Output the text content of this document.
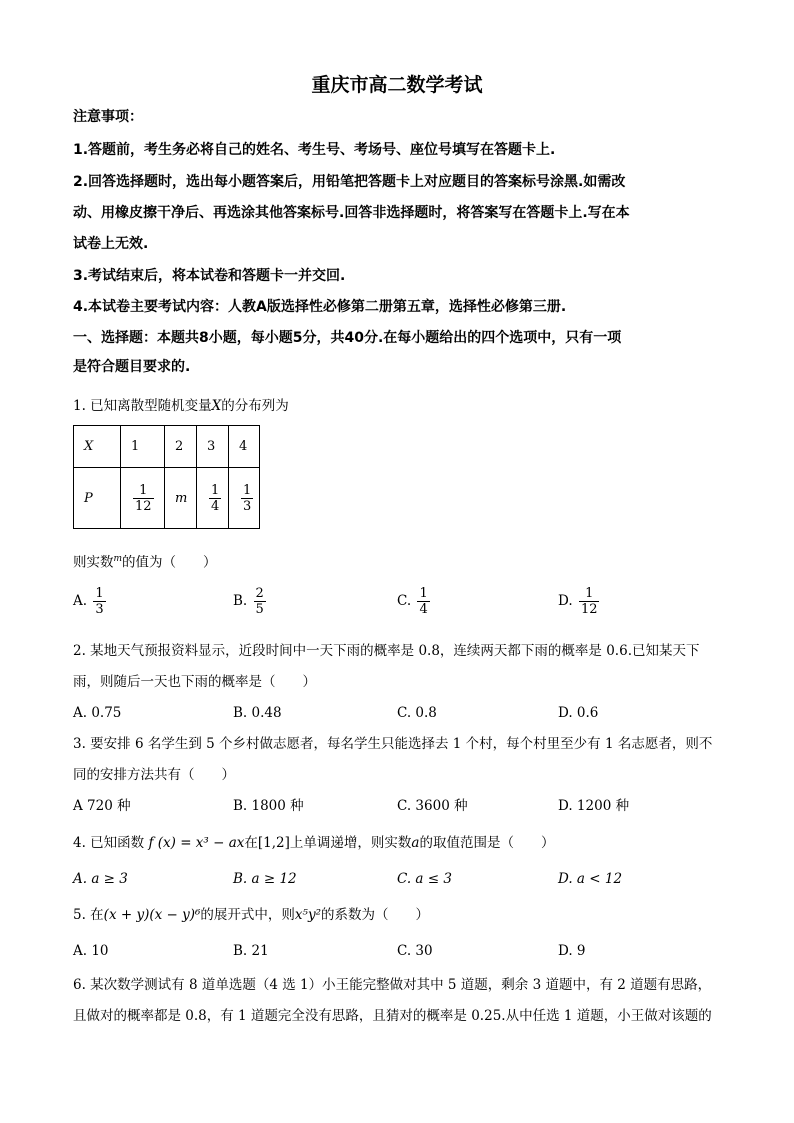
重庆市高二数学考试
注意事项：
1.答题前，考生务必将自己的姓名、考生号、考场号、座位号填写在答题卡上.
2.回答选择题时，选出每小题答案后，用铅笔把答题卡上对应题目的答案标号涂黑.如需改
动、用橡皮擦干净后、再选涂其他答案标号.回答非选择题时，将答案写在答题卡上.写在本
试卷上无效.
3.考试结束后，将本试卷和答题卡一并交回.
4.本试卷主要考试内容：人教A版选择性必修第二册第五章，选择性必修第三册.
一、选择题：本题共8小题，每小题5分，共40分.在每小题给出的四个选项中，只有一项
是符合题目要求的.
1. 已知离散型随机变量X的分布列为
X	1	2	3	4
P	$\frac{1}{12}$	m	$\frac{1}{4}$	$\frac{1}{3}$
则实数$^m$的值为（　　）
A. $\frac{1}{3}$	B. $\frac{2}{5}$	C. $\frac{1}{4}$	D. $\frac{1}{12}$
2. 某地天气预报资料显示，近段时间中一天下雨的概率是 0.8，连续两天都下雨的概率是 0.6.已知某天下
雨，则随后一天也下雨的概率是（　　）
A. 0.75	B. 0.48	C. 0.8	D. 0.6
3. 要安排 6 名学生到 5 个乡村做志愿者，每名学生只能选择去 1 个村，每个村里至少有 1 名志愿者，则不
同的安排方法共有（　　）
A 720 种	B. 1800 种	C. 3600 种	D. 1200 种
4. 已知函数 f (x) = x³ − ax在[1,2]上单调递增，则实数a的取值范围是（　　）
A. a ≥ 3	B. a ≥ 12	C. a ≤ 3	D. a < 12
5. 在(x + y)(x − y)⁶的展开式中，则x⁵y²的系数为（　　）
A. 10	B. 21	C. 30	D. 9
6. 某次数学测试有 8 道单选题（4 选 1）小王能完整做对其中 5 道题，剩余 3 道题中，有 2 道题有思路，
且做对的概率都是 0.8，有 1 道题完全没有思路，且猜对的概率是 0.25.从中任选 1 道题，小王做对该题的
